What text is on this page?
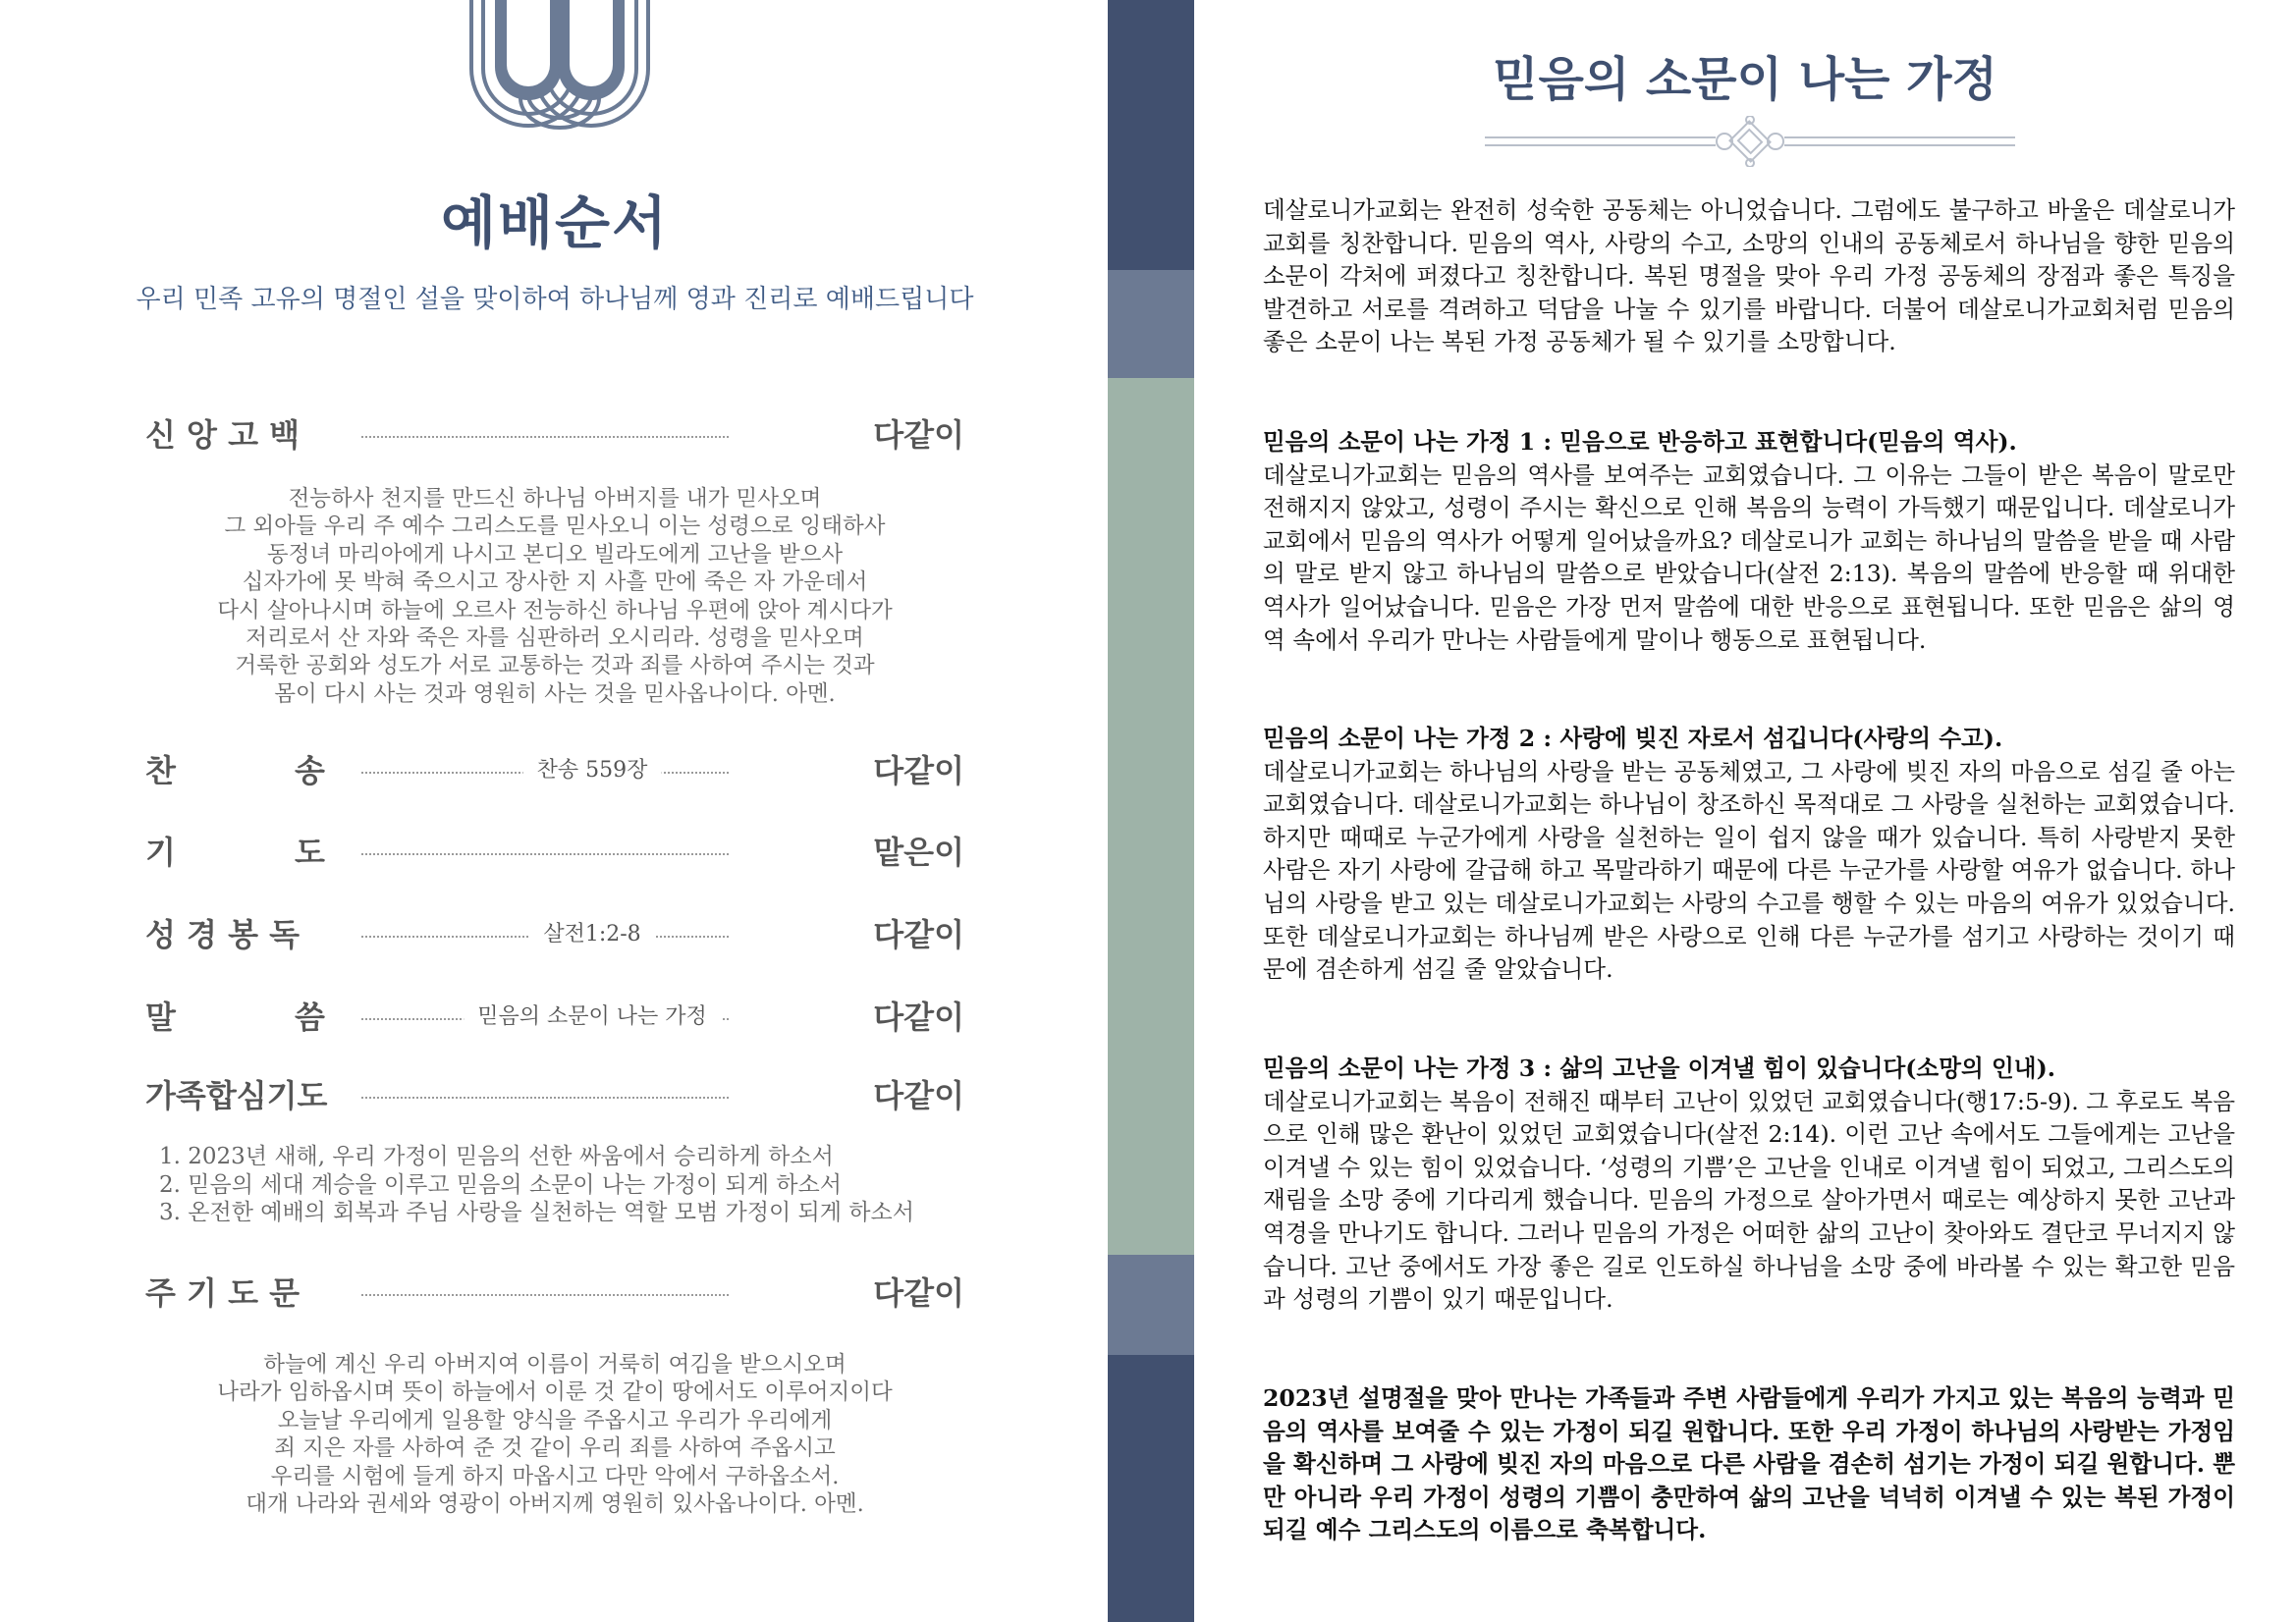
예배순서
우리 민족 고유의 명절인 설을 맞이하여 하나님께 영과 진리로 예배드립니다
신 앙 고 백	다같이
전능하사 천지를 만드신 하나님 아버지를 내가 믿사오며
그 외아들 우리 주 예수 그리스도를 믿사오니 이는 성령으로 잉태하사
동정녀 마리아에게 나시고 본디오 빌라도에게 고난을 받으사
십자가에 못 박혀 죽으시고 장사한 지 사흘 만에 죽은 자 가운데서
다시 살아나시며 하늘에 오르사 전능하신 하나님 우편에 앉아 계시다가
저리로서 산 자와 죽은 자를 심판하러 오시리라. 성령을 믿사오며
거룩한 공회와 성도가 서로 교통하는 것과 죄를 사하여 주시는 것과
몸이 다시 사는 것과 영원히 사는 것을 믿사옵나이다. 아멘.
찬	송	찬송 559장	다같이
기	도	맡은이
성 경 봉 독	살전1:2-8	다같이
말	씀	믿음의 소문이 나는 가정	다같이
가족합심기도	다같이
1. 2023년 새해, 우리 가정이 믿음의 선한 싸움에서 승리하게 하소서
2. 믿음의 세대 계승을 이루고 믿음의 소문이 나는 가정이 되게 하소서
3. 온전한 예배의 회복과 주님 사랑을 실천하는 역할 모범 가정이 되게 하소서
주 기 도 문	다같이
하늘에 계신 우리 아버지여 이름이 거룩히 여김을 받으시오며
나라가 임하옵시며 뜻이 하늘에서 이룬 것 같이 땅에서도 이루어지이다
오늘날 우리에게 일용할 양식을 주옵시고 우리가 우리에게
죄 지은 자를 사하여 준 것 같이 우리 죄를 사하여 주옵시고
우리를 시험에 들게 하지 마옵시고 다만 악에서 구하옵소서.
대개 나라와 권세와 영광이 아버지께 영원히 있사옵나이다. 아멘.
믿음의 소문이 나는 가정

데살로니가교회는 완전히 성숙한 공동체는 아니었습니다. 그럼에도 불구하고 바울은 데살로니가교회를 칭찬합니다. 믿음의 역사, 사랑의 수고, 소망의 인내의 공동체로서 하나님을 향한 믿음의 소문이 각처에 퍼졌다고 칭찬합니다. 복된 명절을 맞아 우리 가정 공동체의 장점과 좋은 특징을 발견하고 서로를 격려하고 덕담을 나눌 수 있기를 바랍니다. 더불어 데살로니가교회처럼 믿음의 좋은 소문이 나는 복된 가정 공동체가 될 수 있기를 소망합니다.

믿음의 소문이 나는 가정 1 : 믿음으로 반응하고 표현합니다(믿음의 역사).
데살로니가교회는 믿음의 역사를 보여주는 교회였습니다. 그 이유는 그들이 받은 복음이 말로만 전해지지 않았고, 성령이 주시는 확신으로 인해 복음의 능력이 가득했기 때문입니다. 데살로니가교회에서 믿음의 역사가 어떻게 일어났을까요? 데살로니가 교회는 하나님의 말씀을 받을 때 사람의 말로 받지 않고 하나님의 말씀으로 받았습니다(살전 2:13). 복음의 말씀에 반응할 때 위대한 역사가 일어났습니다. 믿음은 가장 먼저 말씀에 대한 반응으로 표현됩니다. 또한 믿음은 삶의 영역 속에서 우리가 만나는 사람들에게 말이나 행동으로 표현됩니다.

믿음의 소문이 나는 가정 2 : 사랑에 빚진 자로서 섬깁니다(사랑의 수고).
데살로니가교회는 하나님의 사랑을 받는 공동체였고, 그 사랑에 빚진 자의 마음으로 섬길 줄 아는 교회였습니다. 데살로니가교회는 하나님이 창조하신 목적대로 그 사랑을 실천하는 교회였습니다. 하지만 때때로 누군가에게 사랑을 실천하는 일이 쉽지 않을 때가 있습니다. 특히 사랑받지 못한 사람은 자기 사랑에 갈급해 하고 목말라하기 때문에 다른 누군가를 사랑할 여유가 없습니다. 하나님의 사랑을 받고 있는 데살로니가교회는 사랑의 수고를 행할 수 있는 마음의 여유가 있었습니다. 또한 데살로니가교회는 하나님께 받은 사랑으로 인해 다른 누군가를 섬기고 사랑하는 것이기 때문에 겸손하게 섬길 줄 알았습니다.

믿음의 소문이 나는 가정 3 : 삶의 고난을 이겨낼 힘이 있습니다(소망의 인내).
데살로니가교회는 복음이 전해진 때부터 고난이 있었던 교회였습니다(행17:5-9). 그 후로도 복음으로 인해 많은 환난이 있었던 교회였습니다(살전 2:14). 이런 고난 속에서도 그들에게는 고난을 이겨낼 수 있는 힘이 있었습니다. ‘성령의 기쁨’은 고난을 인내로 이겨낼 힘이 되었고, 그리스도의 재림을 소망 중에 기다리게 했습니다. 믿음의 가정으로 살아가면서 때로는 예상하지 못한 고난과 역경을 만나기도 합니다. 그러나 믿음의 가정은 어떠한 삶의 고난이 찾아와도 결단코 무너지지 않습니다. 고난 중에서도 가장 좋은 길로 인도하실 하나님을 소망 중에 바라볼 수 있는 확고한 믿음과 성령의 기쁨이 있기 때문입니다.

2023년 설명절을 맞아 만나는 가족들과 주변 사람들에게 우리가 가지고 있는 복음의 능력과 믿음의 역사를 보여줄 수 있는 가정이 되길 원합니다. 또한 우리 가정이 하나님의 사랑받는 가정임을 확신하며 그 사랑에 빚진 자의 마음으로 다른 사람을 겸손히 섬기는 가정이 되길 원합니다. 뿐만 아니라 우리 가정이 성령의 기쁨이 충만하여 삶의 고난을 넉넉히 이겨낼 수 있는 복된 가정이 되길 예수 그리스도의 이름으로 축복합니다.
